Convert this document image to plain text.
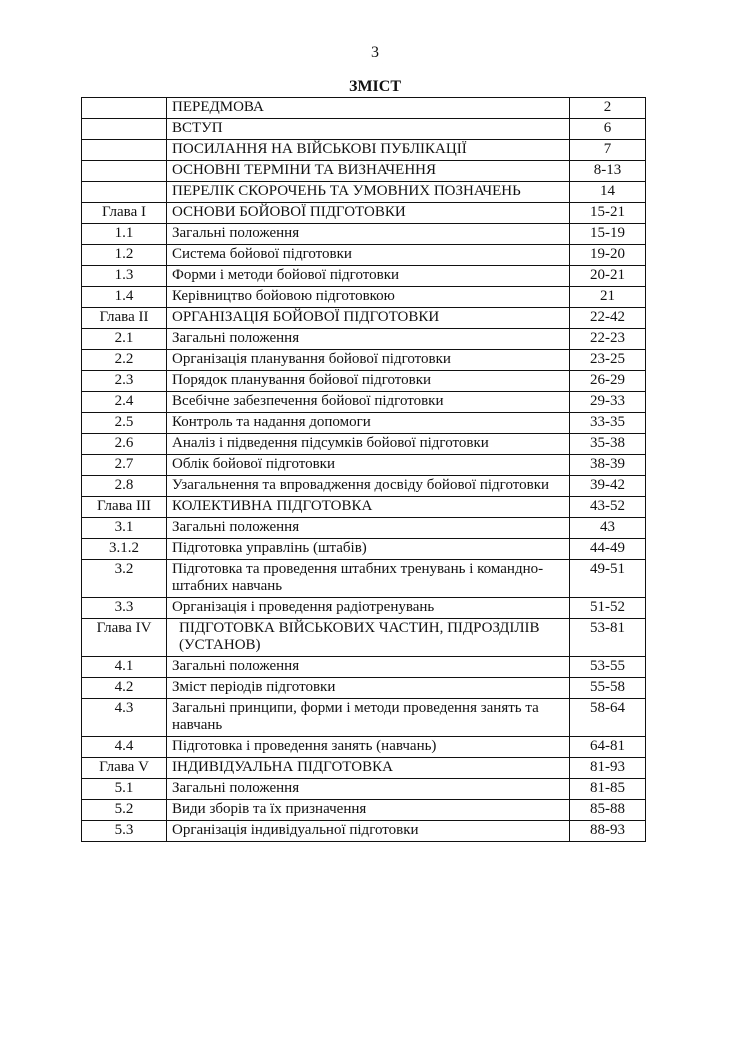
3
ЗМІСТ
	ПЕРЕДМОВА	2
	ВСТУП	6
	ПОСИЛАННЯ НА ВІЙСЬКОВІ ПУБЛІКАЦІЇ	7
	ОСНОВНІ ТЕРМІНИ ТА ВИЗНАЧЕННЯ	8-13
	ПЕРЕЛІК СКОРОЧЕНЬ ТА УМОВНИХ ПОЗНАЧЕНЬ	14
Глава І	ОСНОВИ БОЙОВОЇ ПІДГОТОВКИ	15-21
1.1	Загальні положення	15-19
1.2	Система бойової підготовки	19-20
1.3	Форми і методи бойової підготовки	20-21
1.4	Керівництво бойовою підготовкою	21
Глава ІІ	ОРГАНІЗАЦІЯ БОЙОВОЇ ПІДГОТОВКИ	22-42
2.1	Загальні положення	22-23
2.2	Організація планування бойової підготовки	23-25
2.3	Порядок планування бойової підготовки	26-29
2.4	Всебічне забезпечення бойової підготовки	29-33
2.5	Контроль та надання допомоги	33-35
2.6	Аналіз і підведення підсумків бойової підготовки	35-38
2.7	Облік бойової підготовки	38-39
2.8	Узагальнення та впровадження досвіду бойової підготовки	39-42
Глава ІІІ	КОЛЕКТИВНА ПІДГОТОВКА	43-52
3.1	Загальні положення	43
3.1.2	Підготовка управлінь (штабів)	44-49
3.2	Підготовка та проведення штабних тренувань і командно-штабних навчань	49-51
3.3	Організація і проведення радіотренувань	51-52
Глава IV	ПІДГОТОВКА ВІЙСЬКОВИХ ЧАСТИН, ПІДРОЗДІЛІВ (УСТАНОВ)	53-81
4.1	Загальні положення	53-55
4.2	Зміст періодів підготовки	55-58
4.3	Загальні принципи, форми і методи проведення занять та навчань	58-64
4.4	Підготовка і проведення занять (навчань)	64-81
Глава V	ІНДИВІДУАЛЬНА ПІДГОТОВКА	81-93
5.1	Загальні положення	81-85
5.2	Види зборів та їх призначення	85-88
5.3	Організація індивідуальної підготовки	88-93
